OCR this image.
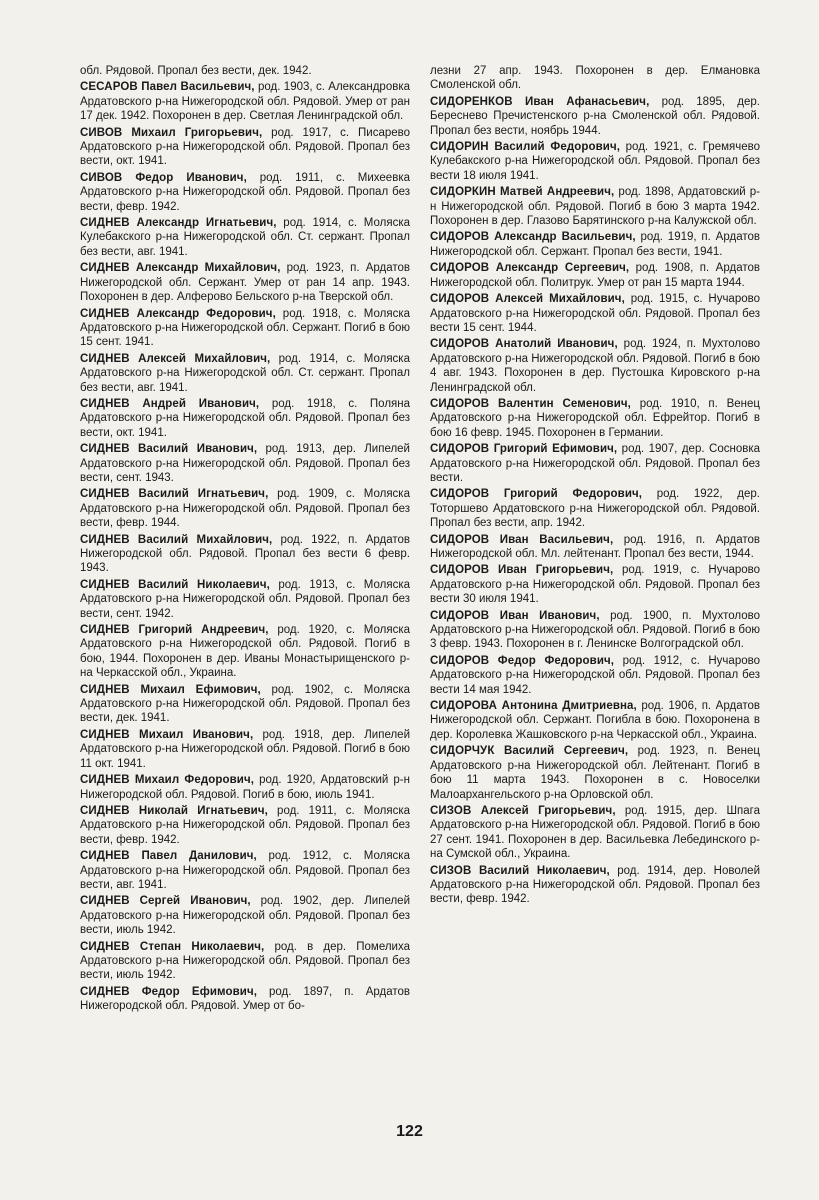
обл. Рядовой. Пропал без вести, дек. 1942.
СЕСАРОВ Павел Васильевич, род. 1903, с. Александровка Ардатовского р-на Нижегородской обл. Рядовой. Умер от ран 17 дек. 1942. Похоронен в дер. Светлая Ленинградской обл.
СИВОВ Михаил Григорьевич, род. 1917, с. Писарево Ардатовского р-на Нижегородской обл. Рядовой. Пропал без вести, окт. 1941.
СИВОВ Федор Иванович, род. 1911, с. Михеевка Ардатовского р-на Нижегородской обл. Рядовой. Пропал без вести, февр. 1942.
СИДНЕВ Александр Игнатьевич, род. 1914, с. Моляска Кулебакского р-на Нижегородской обл. Ст. сержант. Пропал без вести, авг. 1941.
СИДНЕВ Александр Михайлович, род. 1923, п. Ардатов Нижегородской обл. Сержант. Умер от ран 14 апр. 1943. Похоронен в дер. Алферово Бельского р-на Тверской обл.
СИДНЕВ Александр Федорович, род. 1918, с. Моляска Ардатовского р-на Нижегородской обл. Сержант. Погиб в бою 15 сент. 1941.
СИДНЕВ Алексей Михайлович, род. 1914, с. Моляска Ардатовского р-на Нижегородской обл. Ст. сержант. Пропал без вести, авг. 1941.
СИДНЕВ Андрей Иванович, род. 1918, с. Поляна Ардатовского р-на Нижегородской обл. Рядовой. Пропал без вести, окт. 1941.
СИДНЕВ Василий Иванович, род. 1913, дер. Липелей Ардатовского р-на Нижегородской обл. Рядовой. Пропал без вести, сент. 1943.
СИДНЕВ Василий Игнатьевич, род. 1909, с. Моляска Ардатовского р-на Нижегородской обл. Рядовой. Пропал без вести, февр. 1944.
СИДНЕВ Василий Михайлович, род. 1922, п. Ардатов Нижегородской обл. Рядовой. Пропал без вести 6 февр. 1943.
СИДНЕВ Василий Николаевич, род. 1913, с. Моляска Ардатовского р-на Нижегородской обл. Рядовой. Пропал без вести, сент. 1942.
СИДНЕВ Григорий Андреевич, род. 1920, с. Моляска Ардатовского р-на Нижегородской обл. Рядовой. Погиб в бою, 1944. Похоронен в дер. Иваны Монастырищенского р-на Черкасской обл., Украина.
СИДНЕВ Михаил Ефимович, род. 1902, с. Моляска Ардатовского р-на Нижегородской обл. Рядовой. Пропал без вести, дек. 1941.
СИДНЕВ Михаил Иванович, род. 1918, дер. Липелей Ардатовского р-на Нижегородской обл. Рядовой. Погиб в бою 11 окт. 1941.
СИДНЕВ Михаил Федорович, род. 1920, Ардатовский р-н Нижегородской обл. Рядовой. Погиб в бою, июль 1941.
СИДНЕВ Николай Игнатьевич, род. 1911, с. Моляска Ардатовского р-на Нижегородской обл. Рядовой. Пропал без вести, февр. 1942.
СИДНЕВ Павел Данилович, род. 1912, с. Моляска Ардатовского р-на Нижегородской обл. Рядовой. Пропал без вести, авг. 1941.
СИДНЕВ Сергей Иванович, род. 1902, дер. Липелей Ардатовского р-на Нижегородской обл. Рядовой. Пропал без вести, июль 1942.
СИДНЕВ Степан Николаевич, род. в дер. Помелиха Ардатовского р-на Нижегородской обл. Рядовой. Пропал без вести, июль 1942.
СИДНЕВ Федор Ефимович, род. 1897, п. Ардатов Нижегородской обл. Рядовой. Умер от бо-
лезни 27 апр. 1943. Похоронен в дер. Елмановка Смоленской обл.
СИДОРЕНКОВ Иван Афанасьевич, род. 1895, дер. Береснево Пречистенского р-на Смоленской обл. Рядовой. Пропал без вести, ноябрь 1944.
СИДОРИН Василий Федорович, род. 1921, с. Гремячево Кулебакского р-на Нижегородской обл. Рядовой. Пропал без вести 18 июля 1941.
СИДОРКИН Матвей Андреевич, род. 1898, Ардатовский р-н Нижегородской обл. Рядовой. Погиб в бою 3 марта 1942. Похоронен в дер. Глазово Барятинского р-на Калужской обл.
СИДОРОВ Александр Васильевич, род. 1919, п. Ардатов Нижегородской обл. Сержант. Пропал без вести, 1941.
СИДОРОВ Александр Сергеевич, род. 1908, п. Ардатов Нижегородской обл. Политрук. Умер от ран 15 марта 1944.
СИДОРОВ Алексей Михайлович, род. 1915, с. Нучарово Ардатовского р-на Нижегородской обл. Рядовой. Пропал без вести 15 сент. 1944.
СИДОРОВ Анатолий Иванович, род. 1924, п. Мухтолово Ардатовского р-на Нижегородской обл. Рядовой. Погиб в бою 4 авг. 1943. Похоронен в дер. Пустошка Кировского р-на Ленинградской обл.
СИДОРОВ Валентин Семенович, род. 1910, п. Венец Ардатовского р-на Нижегородской обл. Ефрейтор. Погиб в бою 16 февр. 1945. Похоронен в Германии.
СИДОРОВ Григорий Ефимович, род. 1907, дер. Сосновка Ардатовского р-на Нижегородской обл. Рядовой. Пропал без вести.
СИДОРОВ Григорий Федорович, род. 1922, дер. Тоторшево Ардатовского р-на Нижегородской обл. Рядовой. Пропал без вести, апр. 1942.
СИДОРОВ Иван Васильевич, род. 1916, п. Ардатов Нижегородской обл. Мл. лейтенант. Пропал без вести, 1944.
СИДОРОВ Иван Григорьевич, род. 1919, с. Нучарово Ардатовского р-на Нижегородской обл. Рядовой. Пропал без вести 30 июля 1941.
СИДОРОВ Иван Иванович, род. 1900, п. Мухтолово Ардатовского р-на Нижегородской обл. Рядовой. Погиб в бою 3 февр. 1943. Похоронен в г. Ленинске Волгоградской обл.
СИДОРОВ Федор Федорович, род. 1912, с. Нучарово Ардатовского р-на Нижегородской обл. Рядовой. Пропал без вести 14 мая 1942.
СИДОРОВА Антонина Дмитриевна, род. 1906, п. Ардатов Нижегородской обл. Сержант. Погибла в бою. Похоронена в дер. Королевка Жашковского р-на Черкасской обл., Украина.
СИДОРЧУК Василий Сергеевич, род. 1923, п. Венец Ардатовского р-на Нижегородской обл. Лейтенант. Погиб в бою 11 марта 1943. Похоронен в с. Новоселки Малоархангельского р-на Орловской обл.
СИЗОВ Алексей Григорьевич, род. 1915, дер. Шпага Ардатовского р-на Нижегородской обл. Рядовой. Погиб в бою 27 сент. 1941. Похоронен в дер. Васильевка Лебединского р-на Сумской обл., Украина.
СИЗОВ Василий Николаевич, род. 1914, дер. Новолей Ардатовского р-на Нижегородской обл. Рядовой. Пропал без вести, февр. 1942.
122
